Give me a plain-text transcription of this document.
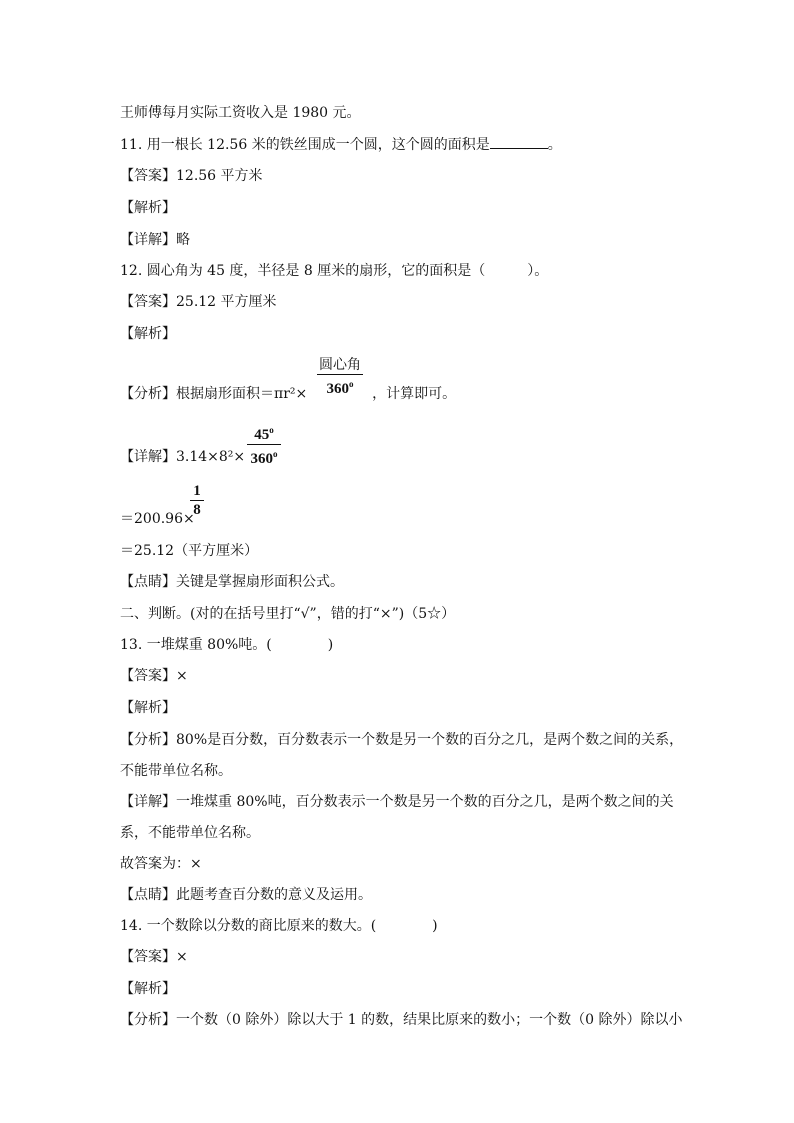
王师傅每月实际工资收入是 1980 元。
11. 用一根长 12.56 米的铁丝围成一个圆，这个圆的面积是	。
【答案】12.56 平方米
【解析】
【详解】略
12. 圆心角为 45 度，半径是 8 厘米的扇形，它的面积是（　　　）。
【答案】25.12 平方厘米
【解析】
【分析】根据扇形面积＝πr²×	，计算即可。
圆心角
360$^o$
【详解】3.14×8²×
$45^o$
$360^o$
＝200.96×
1
8
＝25.12（平方厘米）
【点睛】关键是掌握扇形面积公式。
二、判断。(对的在括号里打“√”，错的打“×”)（5☆）
13. 一堆煤重 80%吨。(　　　　)
【答案】×
【解析】
【分析】80%是百分数，百分数表示一个数是另一个数的百分之几，是两个数之间的关系，
不能带单位名称。
【详解】一堆煤重 80%吨，百分数表示一个数是另一个数的百分之几，是两个数之间的关
系，不能带单位名称。
故答案为：×
【点睛】此题考查百分数的意义及运用。
14. 一个数除以分数的商比原来的数大。(　　　　)
【答案】×
【解析】
【分析】一个数（0 除外）除以大于 1 的数，结果比原来的数小；一个数（0 除外）除以小
